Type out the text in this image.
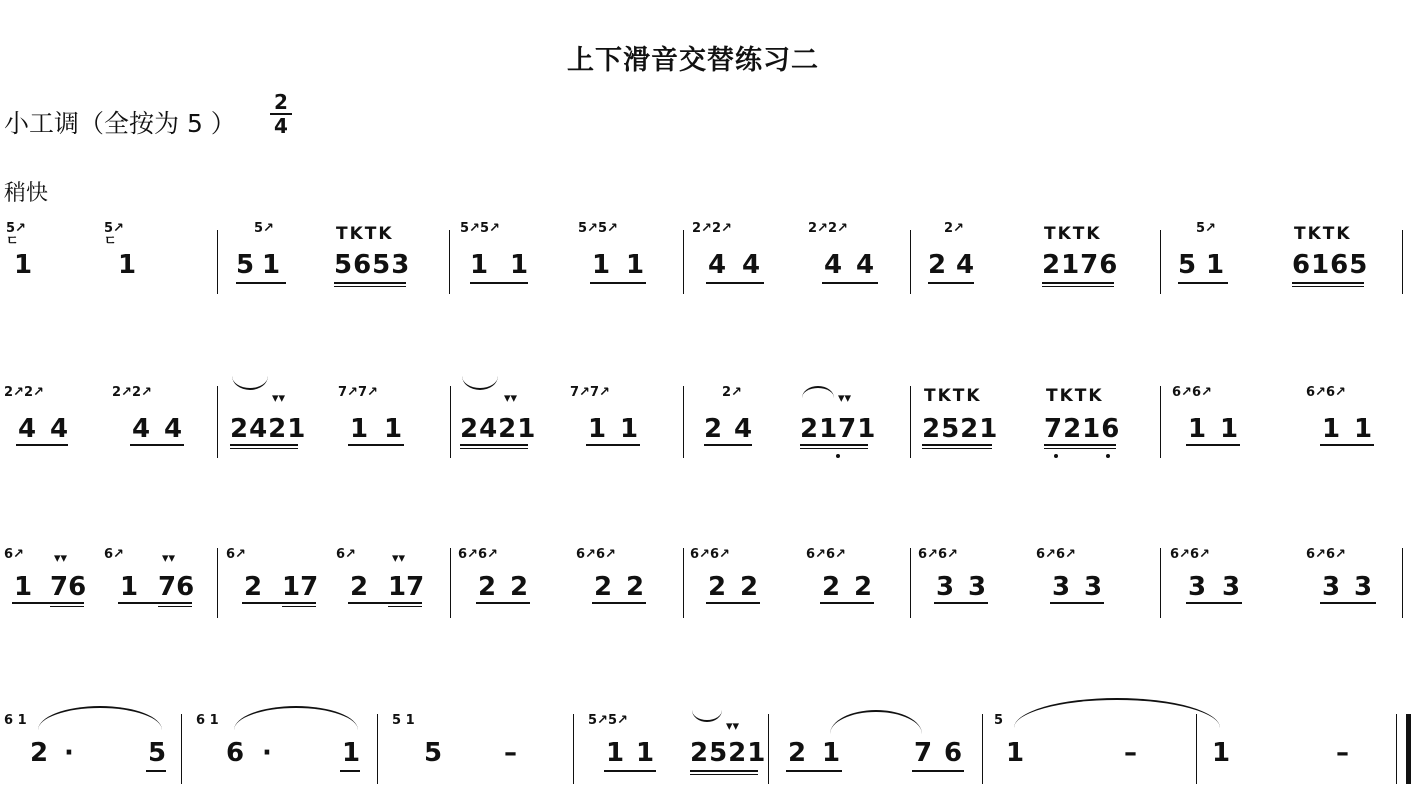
上下滑音交替练习二
小工调（全按为 5 ）
2
4
稍快
5↗
ㄷ
1
5↗
ㄷ
1	5
5↗
1
TKTK
5653
5↗5↗
1 1
5↗5↗
1 1
2↗2↗
4 4
2↗2↗
4 4 2
2↗
4
TKTK
2176 5
5↗
1
TKTK
6165
2↗2↗
4 4
2↗2↗
4 4
▾▾
2421
7↗7↗
1 1
▾▾
2421
7↗7↗
1 1	2
2↗
4
▾▾
2171
TKTK
2521
TKTK
7216
6↗6↗
1 1
6↗6↗
1 1
6↗
1
▾▾
76
6↗
1
▾▾
76
6↗
2 17
6↗
2
▾▾
17
6↗6↗
2 2
6↗6↗
2 2
6↗6↗
2 2
6↗6↗
2 2
6↗6↗
3 3
6↗6↗
3 3
6↗6↗
3 3
6↗6↗
3 3
6 1
2 ·	5
6 1
6 ·	1
5 1
5 –
5↗5↗
1 1
▾▾
2521 2 1	7 6
5
1	–	1	–
